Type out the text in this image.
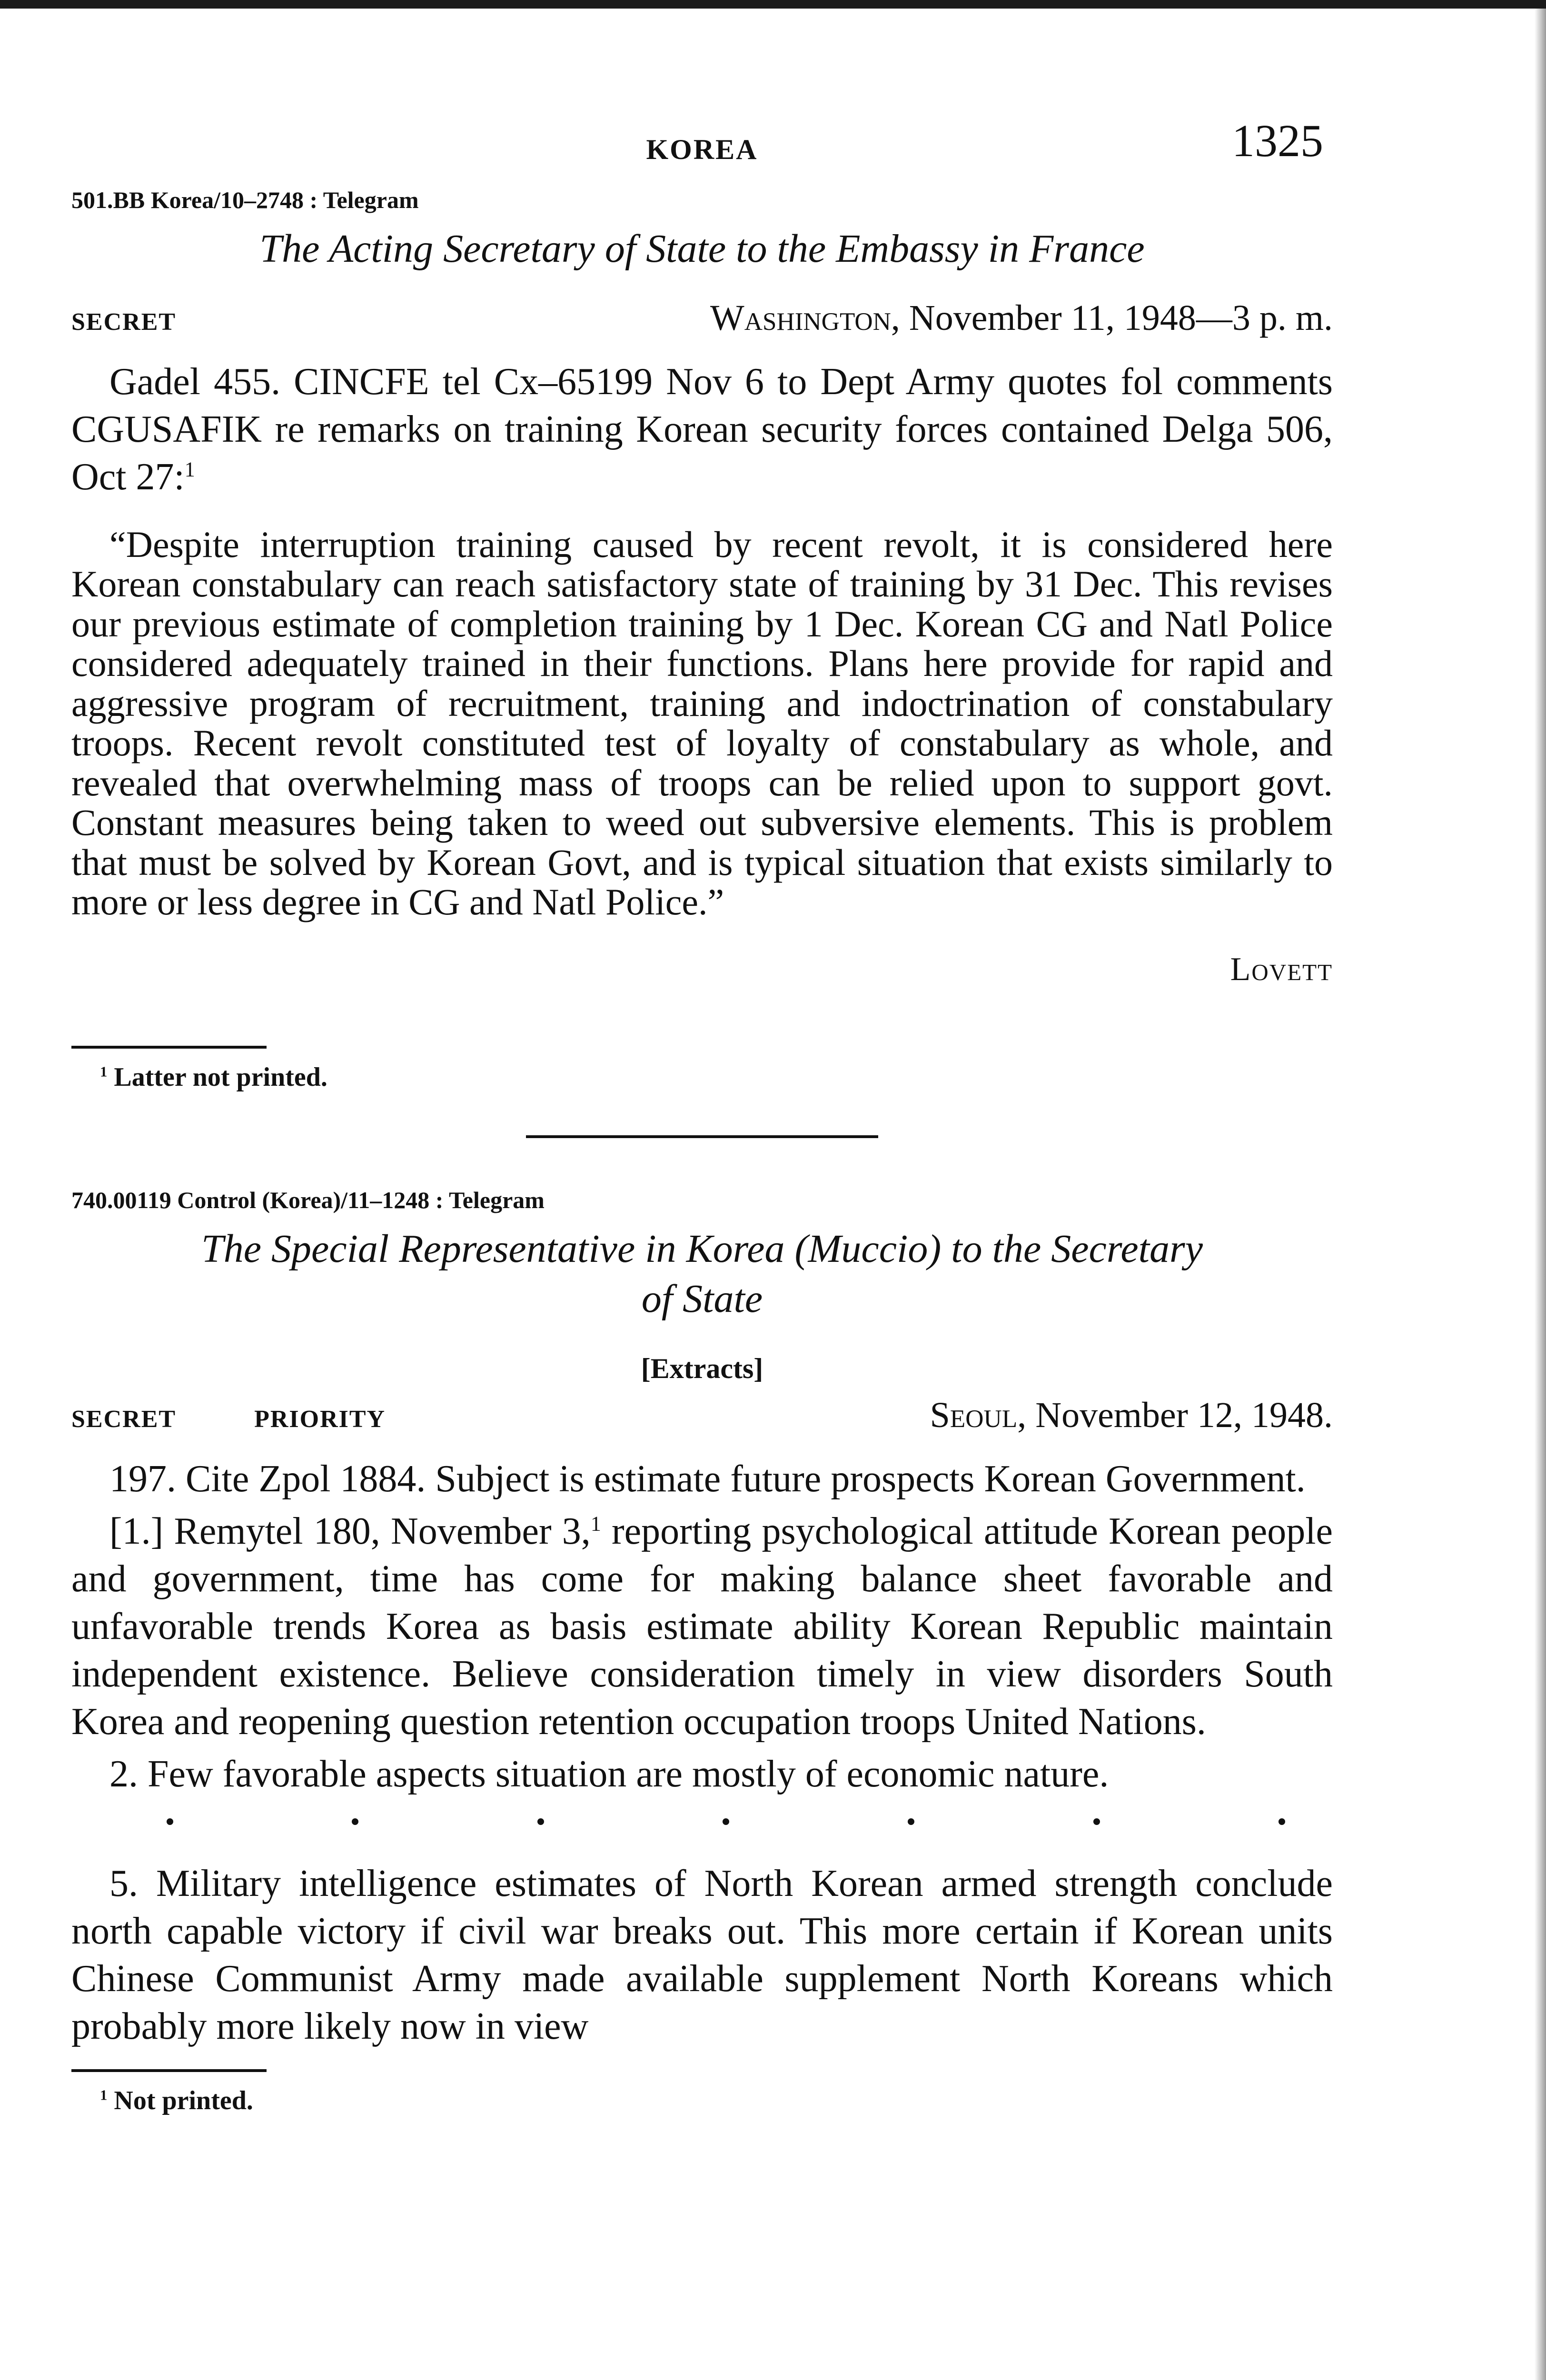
KOREA	1325
501.BB Korea/10–2748 : Telegram
The Acting Secretary of State to the Embassy in France
SECRET	Washington, November 11, 1948—3 p. m.

Gadel 455. CINCFE tel Cx–65199 Nov 6 to Dept Army quotes fol comments CGUSAFIK re remarks on training Korean security forces contained Delga 506, Oct 27:$^1$

“Despite interruption training caused by recent revolt, it is considered here Korean constabulary can reach satisfactory state of training by 31 Dec. This revises our previous estimate of completion training by 1 Dec. Korean CG and Natl Police considered adequately trained in their functions. Plans here provide for rapid and aggressive program of recruitment, training and indoctrination of constabulary troops. Recent revolt constituted test of loyalty of constabulary as whole, and revealed that overwhelming mass of troops can be relied upon to support govt. Constant measures being taken to weed out subversive elements. This is problem that must be solved by Korean Govt, and is typical situation that exists similarly to more or less degree in CG and Natl Police.”

Lovett
$^1$ Latter not printed.
740.00119 Control (Korea)/11–1248 : Telegram
The Special Representative in Korea (Muccio) to the Secretary
of State
[Extracts]
SECRET	PRIORITY	Seoul, November 12, 1948.

197. Cite Zpol 1884. Subject is estimate future prospects Korean Government.

[1.] Remytel 180, November 3,$^1$ reporting psychological attitude Korean people and government, time has come for making balance sheet favorable and unfavorable trends Korea as basis estimate ability Korean Republic maintain independent existence. Believe consideration timely in view disorders South Korea and reopening question retention occupation troops United Nations.

2. Few favorable aspects situation are mostly of economic nature.

5. Military intelligence estimates of North Korean armed strength conclude north capable victory if civil war breaks out. This more certain if Korean units Chinese Communist Army made available supplement North Koreans which probably more likely now in view

$^1$ Not printed.
